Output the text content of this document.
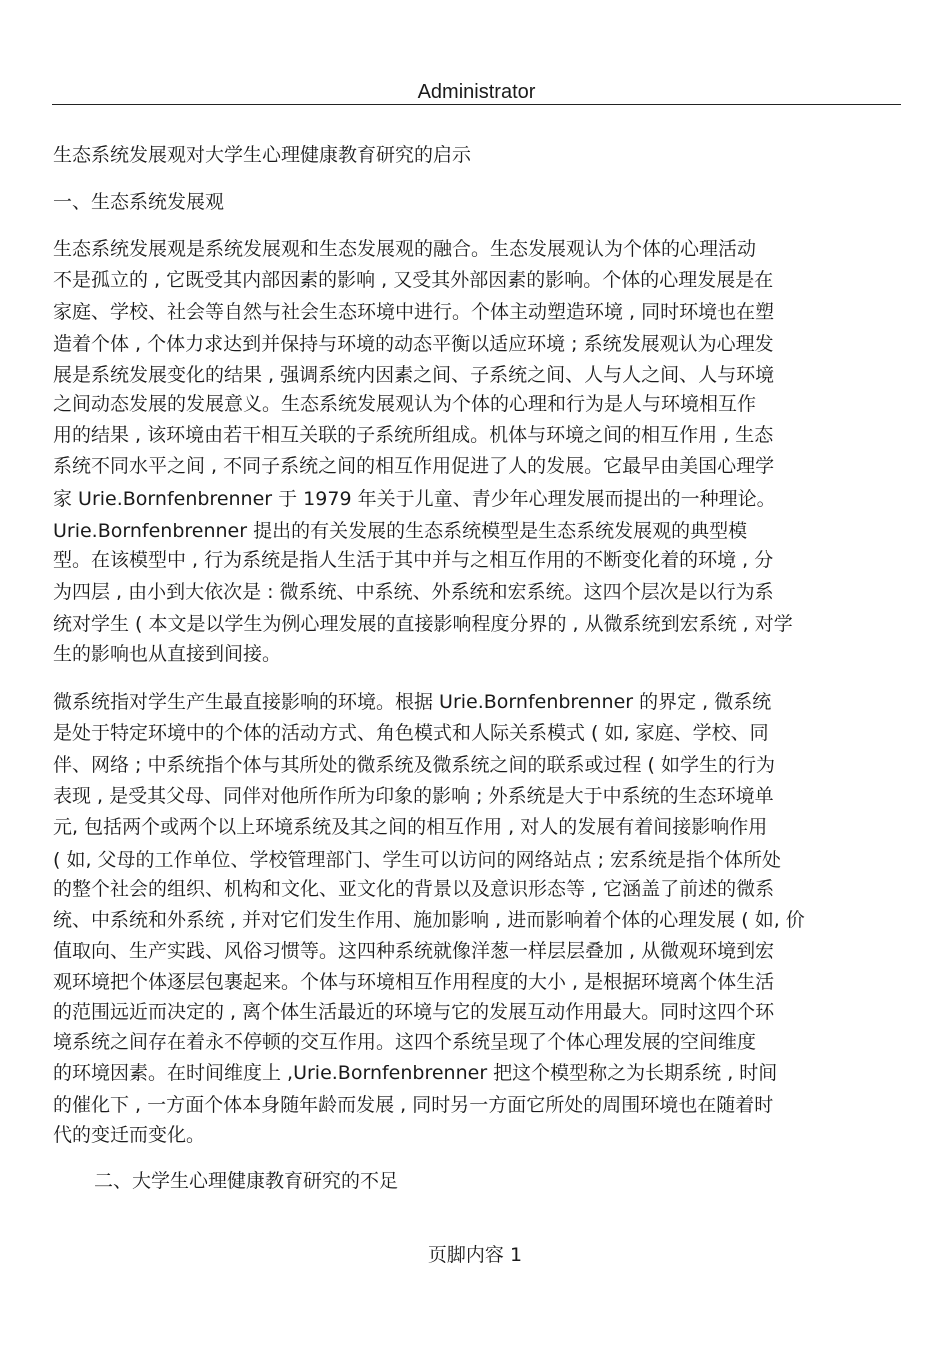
Administrator
生态系统发展观对大学生心理健康教育研究的启示
一、生态系统发展观
生态系统发展观是系统发展观和生态发展观的融合。生态发展观认为个体的心理活动
不是孤立的 , 它既受其内部因素的影响 , 又受其外部因素的影响。个体的心理发展是在
家庭、学校、社会等自然与社会生态环境中进行。个体主动塑造环境 , 同时环境也在塑
造着个体 , 个体力求达到并保持与环境的动态平衡以适应环境 ; 系统发展观认为心理发
展是系统发展变化的结果 , 强调系统内因素之间、子系统之间、人与人之间、人与环境
之间动态发展的发展意义。生态系统发展观认为个体的心理和行为是人与环境相互作
用的结果 , 该环境由若干相互关联的子系统所组成。机体与环境之间的相互作用 , 生态
系统不同水平之间 , 不同子系统之间的相互作用促进了人的发展。它最早由美国心理学
家 Urie.Bornfenbrenner 于 1979 年关于儿童、青少年心理发展而提出的一种理论。
Urie.Bornfenbrenner 提出的有关发展的生态系统模型是生态系统发展观的典型模
型。在该模型中 , 行为系统是指人生活于其中并与之相互作用的不断变化着的环境 , 分
为四层 , 由小到大依次是 : 微系统、中系统、外系统和宏系统。这四个层次是以行为系
统对学生 ( 本文是以学生为例心理发展的直接影响程度分界的 , 从微系统到宏系统 , 对学
生的影响也从直接到间接。
微系统指对学生产生最直接影响的环境。根据 Urie.Bornfenbrenner 的界定 , 微系统
是处于特定环境中的个体的活动方式、角色模式和人际关系模式 ( 如, 家庭、学校、同
伴、网络 ; 中系统指个体与其所处的微系统及微系统之间的联系或过程 ( 如学生的行为
表现 , 是受其父母、同伴对他所作所为印象的影响 ; 外系统是大于中系统的生态环境单
元, 包括两个或两个以上环境系统及其之间的相互作用 , 对人的发展有着间接影响作用
( 如, 父母的工作单位、学校管理部门、学生可以访问的网络站点 ; 宏系统是指个体所处
的整个社会的组织、机构和文化、亚文化的背景以及意识形态等 , 它涵盖了前述的微系
统、中系统和外系统 , 并对它们发生作用、施加影响 , 进而影响着个体的心理发展 ( 如, 价
值取向、生产实践、风俗习惯等。这四种系统就像洋葱一样层层叠加 , 从微观环境到宏
观环境把个体逐层包裹起来。个体与环境相互作用程度的大小 , 是根据环境离个体生活
的范围远近而决定的 , 离个体生活最近的环境与它的发展互动作用最大。同时这四个环
境系统之间存在着永不停顿的交互作用。这四个系统呈现了个体心理发展的空间维度
的环境因素。在时间维度上 ,Urie.Bornfenbrenner 把这个模型称之为长期系统 , 时间
的催化下 , 一方面个体本身随年龄而发展 , 同时另一方面它所处的周围环境也在随着时
代的变迁而变化。
二、大学生心理健康教育研究的不足
页脚内容 1
